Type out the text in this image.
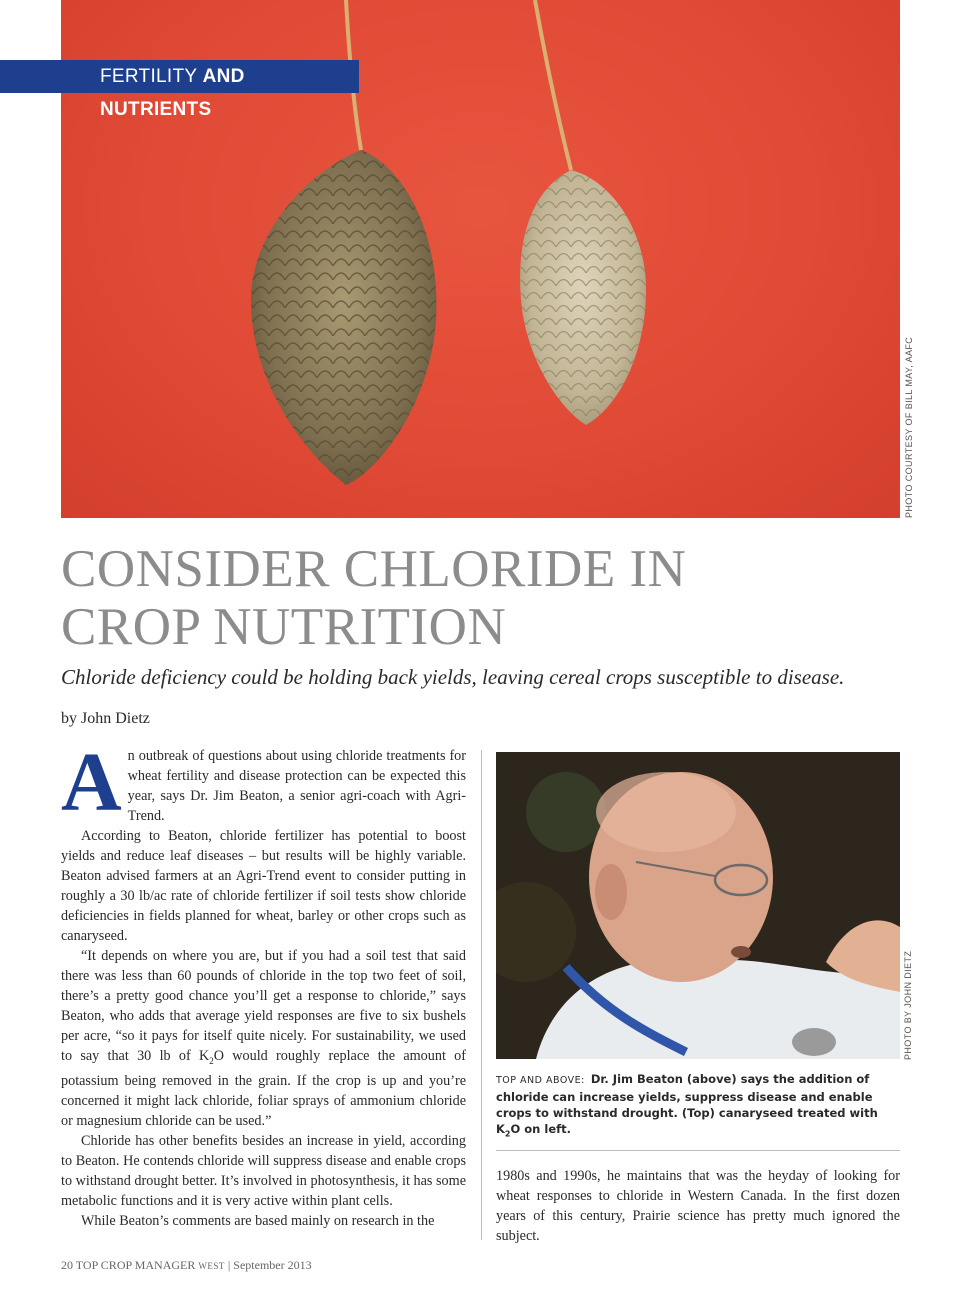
FERTILITY AND NUTRIENTS
PHOTO COURTESY OF BILL MAY, AAFC
CONSIDER CHLORIDE IN
CROP NUTRITION
Chloride deficiency could be holding back yields, leaving cereal crops susceptible to disease.
by John Dietz

An outbreak of questions about using chloride treatments for wheat fertility and disease protection can be expected this year, says Dr. Jim Beaton, a senior agri-coach with Agri-Trend.

According to Beaton, chloride fertilizer has potential to boost yields and reduce leaf diseases – but results will be highly variable. Beaton advised farmers at an Agri-Trend event to consider putting in roughly a 30 lb/ac rate of chloride fertilizer if soil tests show chloride deficiencies in fields planned for wheat, barley or other crops such as canaryseed.

“It depends on where you are, but if you had a soil test that said there was less than 60 pounds of chloride in the top two feet of soil, there’s a pretty good chance you’ll get a response to chloride,” says Beaton, who adds that average yield responses are five to six bushels per acre, “so it pays for itself quite nicely. For sustainability, we used to say that 30 lb of $K_2O$ would roughly replace the amount of potassium being removed in the grain. If the crop is up and you’re concerned it might lack chloride, foliar sprays of ammonium chloride or magnesium chloride can be used.”

Chloride has other benefits besides an increase in yield, according to Beaton. He contends chloride will suppress disease and enable crops to withstand drought better. It’s involved in photosynthesis, it has some metabolic functions and it is very active within plant cells.

While Beaton’s comments are based mainly on research in the

PHOTO BY JOHN DIETZ
TOP AND ABOVE: Dr. Jim Beaton (above) says the addition of chloride can increase yields, suppress disease and enable crops to withstand drought. (Top) canaryseed treated with $K_2O$ on left.

1980s and 1990s, he maintains that was the heyday of looking for wheat responses to chloride in Western Canada. In the first dozen years of this century, Prairie science has pretty much ignored the subject.

20 TOP CROP MANAGER WEST | September 2013
